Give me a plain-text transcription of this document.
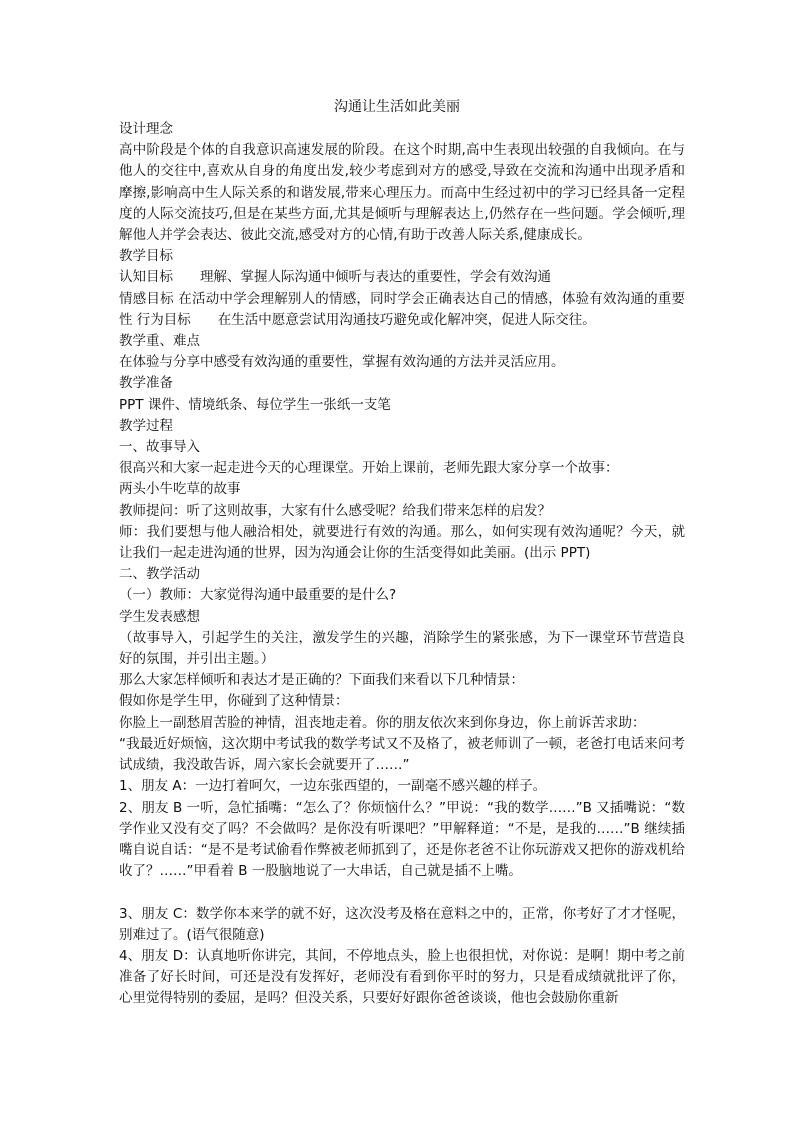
沟通让生活如此美丽

设计理念

高中阶段是个体的自我意识高速发展的阶段。在这个时期,高中生表现出较强的自我倾向。在与他人的交往中,喜欢从自身的角度出发,较少考虑到对方的感受,导致在交流和沟通中出现矛盾和摩擦,影响高中生人际关系的和谐发展,带来心理压力。而高中生经过初中的学习已经具备一定程度的人际交流技巧,但是在某些方面,尤其是倾听与理解表达上,仍然存在一些问题。学会倾听,理解他人并学会表达、彼此交流,感受对方的心情,有助于改善人际关系,健康成长。

教学目标

认知目标　　理解、掌握人际沟通中倾听与表达的重要性，学会有效沟通

情感目标 在活动中学会理解别人的情感，同时学会正确表达自己的情感，体验有效沟通的重要性 行为目标　　在生活中愿意尝试用沟通技巧避免或化解冲突，促进人际交往。

教学重、难点

在体验与分享中感受有效沟通的重要性，掌握有效沟通的方法并灵活应用。

教学准备

PPT 课件、情境纸条、每位学生一张纸一支笔

教学过程

一、故事导入

很高兴和大家一起走进今天的心理课堂。开始上课前，老师先跟大家分享一个故事：

两头小牛吃草的故事

教师提问：听了这则故事，大家有什么感受呢？给我们带来怎样的启发？

师：我们要想与他人融洽相处，就要进行有效的沟通。那么，如何实现有效沟通呢？今天，就让我们一起走进沟通的世界，因为沟通会让你的生活变得如此美丽。(出示 PPT)

二、教学活动

（一）教师：大家觉得沟通中最重要的是什么?

学生发表感想

（故事导入，引起学生的关注，激发学生的兴趣，消除学生的紧张感，为下一课堂环节营造良好的氛围，并引出主题。）

那么大家怎样倾听和表达才是正确的？下面我们来看以下几种情景：

假如你是学生甲，你碰到了这种情景：

你脸上一副愁眉苦脸的神情，沮丧地走着。你的朋友依次来到你身边，你上前诉苦求助：

“我最近好烦恼，这次期中考试我的数学考试又不及格了，被老师训了一顿，老爸打电话来问考试成绩，我没敢告诉，周六家长会就要开了……”

1、朋友 A：一边打着呵欠，一边东张西望的，一副毫不感兴趣的样子。

2、朋友 B 一听，急忙插嘴：“怎么了？你烦恼什么？”甲说：“我的数学……”B 又插嘴说：“数学作业又没有交了吗？不会做吗？是你没有听课吧？”甲解释道：“不是，是我的……”B 继续插嘴自说自话：“是不是考试偷看作弊被老师抓到了，还是你老爸不让你玩游戏又把你的游戏机给收了？……”甲看着 B 一股脑地说了一大串话，自己就是插不上嘴。

3、朋友 C：数学你本来学的就不好，这次没考及格在意料之中的，正常，你考好了才才怪呢，别难过了。(语气很随意)

4、朋友 D：认真地听你讲完，其间，不停地点头，脸上也很担忧，对你说：是啊！期中考之前准备了好长时间，可还是没有发挥好，老师没有看到你平时的努力，只是看成绩就批评了你，心里觉得特别的委屈，是吗？但没关系，只要好好跟你爸爸谈谈，他也会鼓励你重新
